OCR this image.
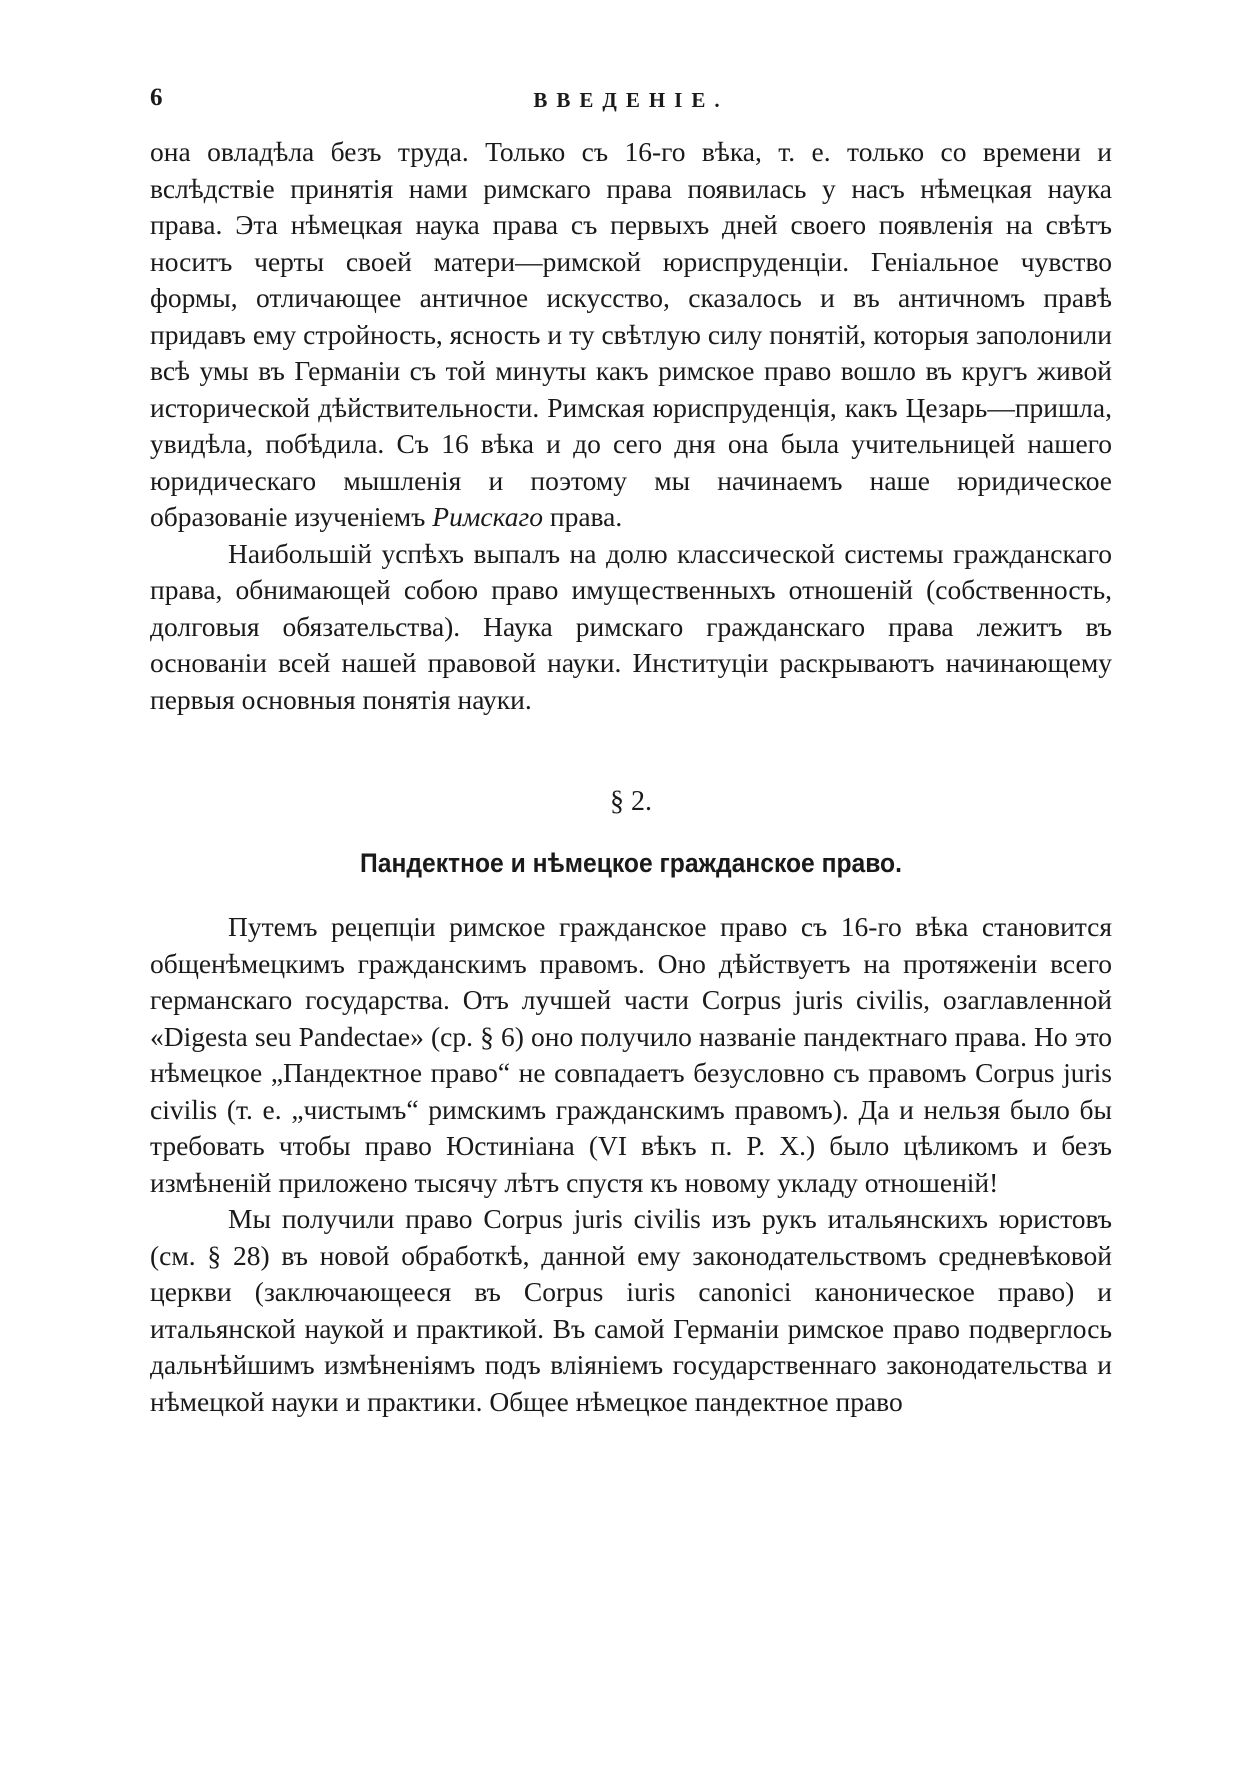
6	ВВЕДЕНІЕ.

она овладѣла безъ труда. Только съ 16-го вѣка, т. е. только со времени и вслѣдствіе принятія нами римскаго права появилась у насъ нѣмецкая наука права. Эта нѣмецкая наука права съ первыхъ дней своего появленія на свѣтъ носитъ черты своей матери—римской юриспруденціи. Геніальное чувство формы, отличающее античное искусство, сказалось и въ античномъ правѣ придавъ ему стройность, ясность и ту свѣтлую силу понятій, которыя заполонили всѣ умы въ Германіи съ той минуты какъ римское право вошло въ кругъ живой исторической дѣйствительности. Римская юриспруденція, какъ Цезарь—пришла, увидѣла, побѣдила. Съ 16 вѣка и до сего дня она была учительницей нашего юридическаго мышленія и поэтому мы начинаемъ наше юридическое образованіе изученіемъ Римскаго права.

Наибольшій успѣхъ выпалъ на долю классической системы гражданскаго права, обнимающей собою право имущественныхъ отношеній (собственность, долговыя обязательства). Наука римскаго гражданскаго права лежитъ въ основаніи всей нашей правовой науки. Институціи раскрываютъ начинающему первыя основныя понятія науки.

§ 2.
Пандектное и нѣмецкое гражданское право.

Путемъ рецепціи римское гражданское право съ 16-го вѣка становится общенѣмецкимъ гражданскимъ правомъ. Оно дѣйствуетъ на протяженіи всего германскаго государства. Отъ лучшей части Corpus juris civilis, озаглавленной «Digesta seu Pandectae» (ср. § 6) оно получило названіе пандектнаго права. Но это нѣмецкое „Пандектное право“ не совпадаетъ безусловно съ правомъ Corpus juris civilis (т. е. „чистымъ“ римскимъ гражданскимъ правомъ). Да и нельзя было бы требовать чтобы право Юстиніана (VI вѣкъ п. Р. Х.) было цѣликомъ и безъ измѣненій приложено тысячу лѣтъ спустя къ новому укладу отношеній!

Мы получили право Corpus juris civilis изъ рукъ итальянскихъ юристовъ (см. § 28) въ новой обработкѣ, данной ему законодательствомъ средневѣковой церкви (заключающееся въ Corpus iuris canonici каноническое право) и итальянской наукой и практикой. Въ самой Германіи римское право подверглось дальнѣйшимъ измѣненіямъ подъ вліяніемъ государственнаго законодательства и нѣмецкой науки и практики. Общее нѣмецкое пандектное право
